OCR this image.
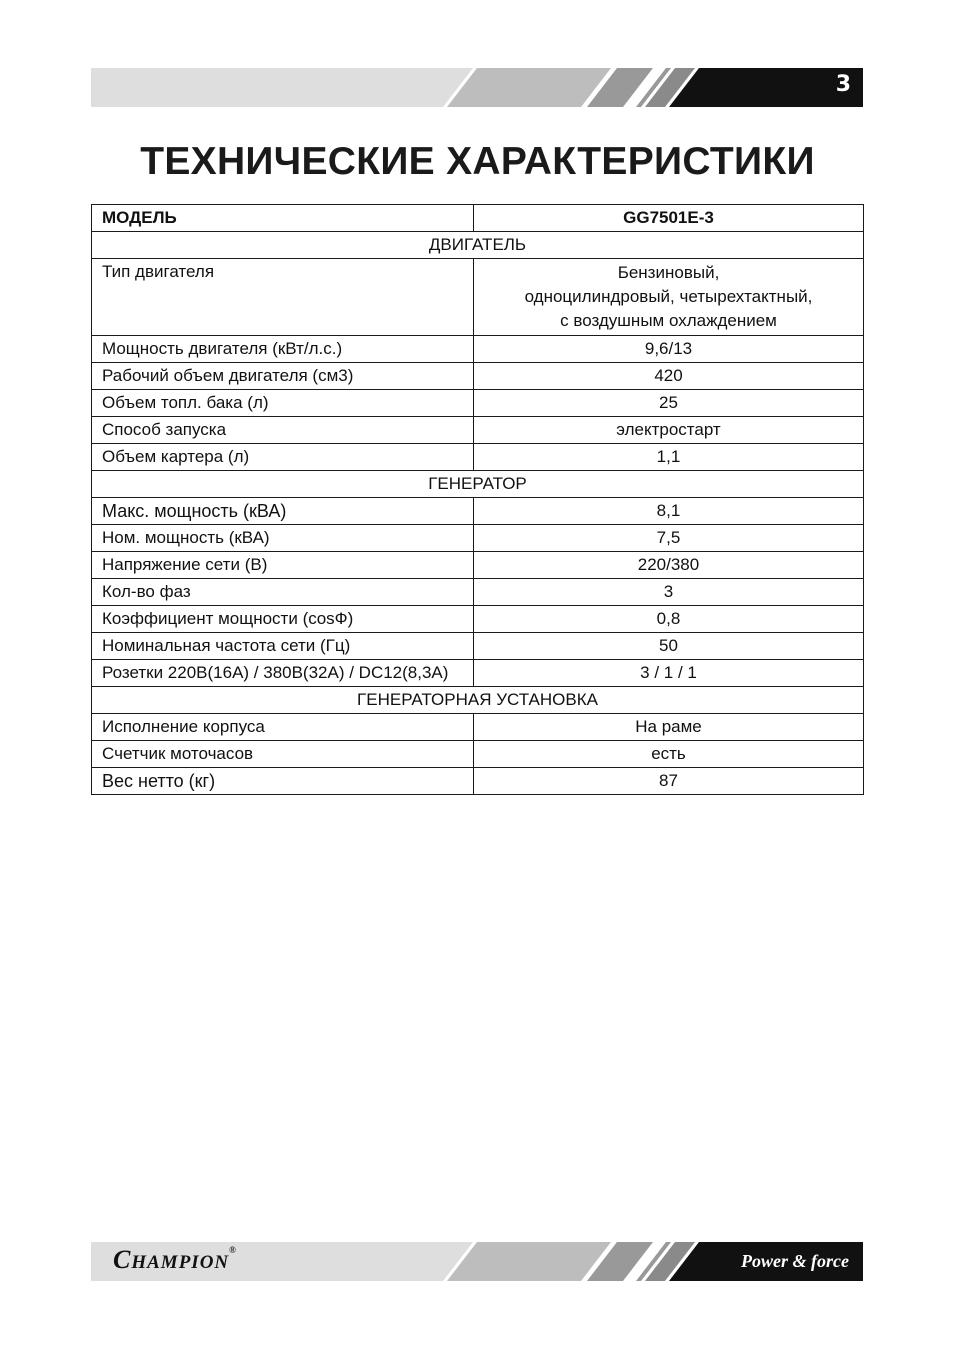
3
ТЕХНИЧЕСКИЕ ХАРАКТЕРИСТИКИ
МОДЕЛЬ	GG7501E-3
ДВИГАТЕЛЬ	
Тип двигателя	Бензиновый,
одноцилиндровый, четырехтактный,
с воздушным охлаждением

Мощность двигателя (кВт/л.с.)	9,6/13
Рабочий объем двигателя (см3)	420
Объем топл. бака (л)	25
Способ запуска	электростарт
Объем картера (л)	1,1
ГЕНЕРАТОР	
Макс. мощность (кВА)	8,1
Ном. мощность (кВА)	7,5
Напряжение сети (В)	220/380
Кол-во фаз	3
Коэффициент мощности (cosФ)	0,8
Номинальная частота сети (Гц)	50
Розетки 220В(16А) / 380В(32А) / DC12(8,3А)	3 / 1 / 1
ГЕНЕРАТОРНАЯ УСТАНОВКА	
Исполнение корпуса	На раме
Счетчик моточасов	есть
Вес нетто (кг)	87
CHAMPION®
Power & force
